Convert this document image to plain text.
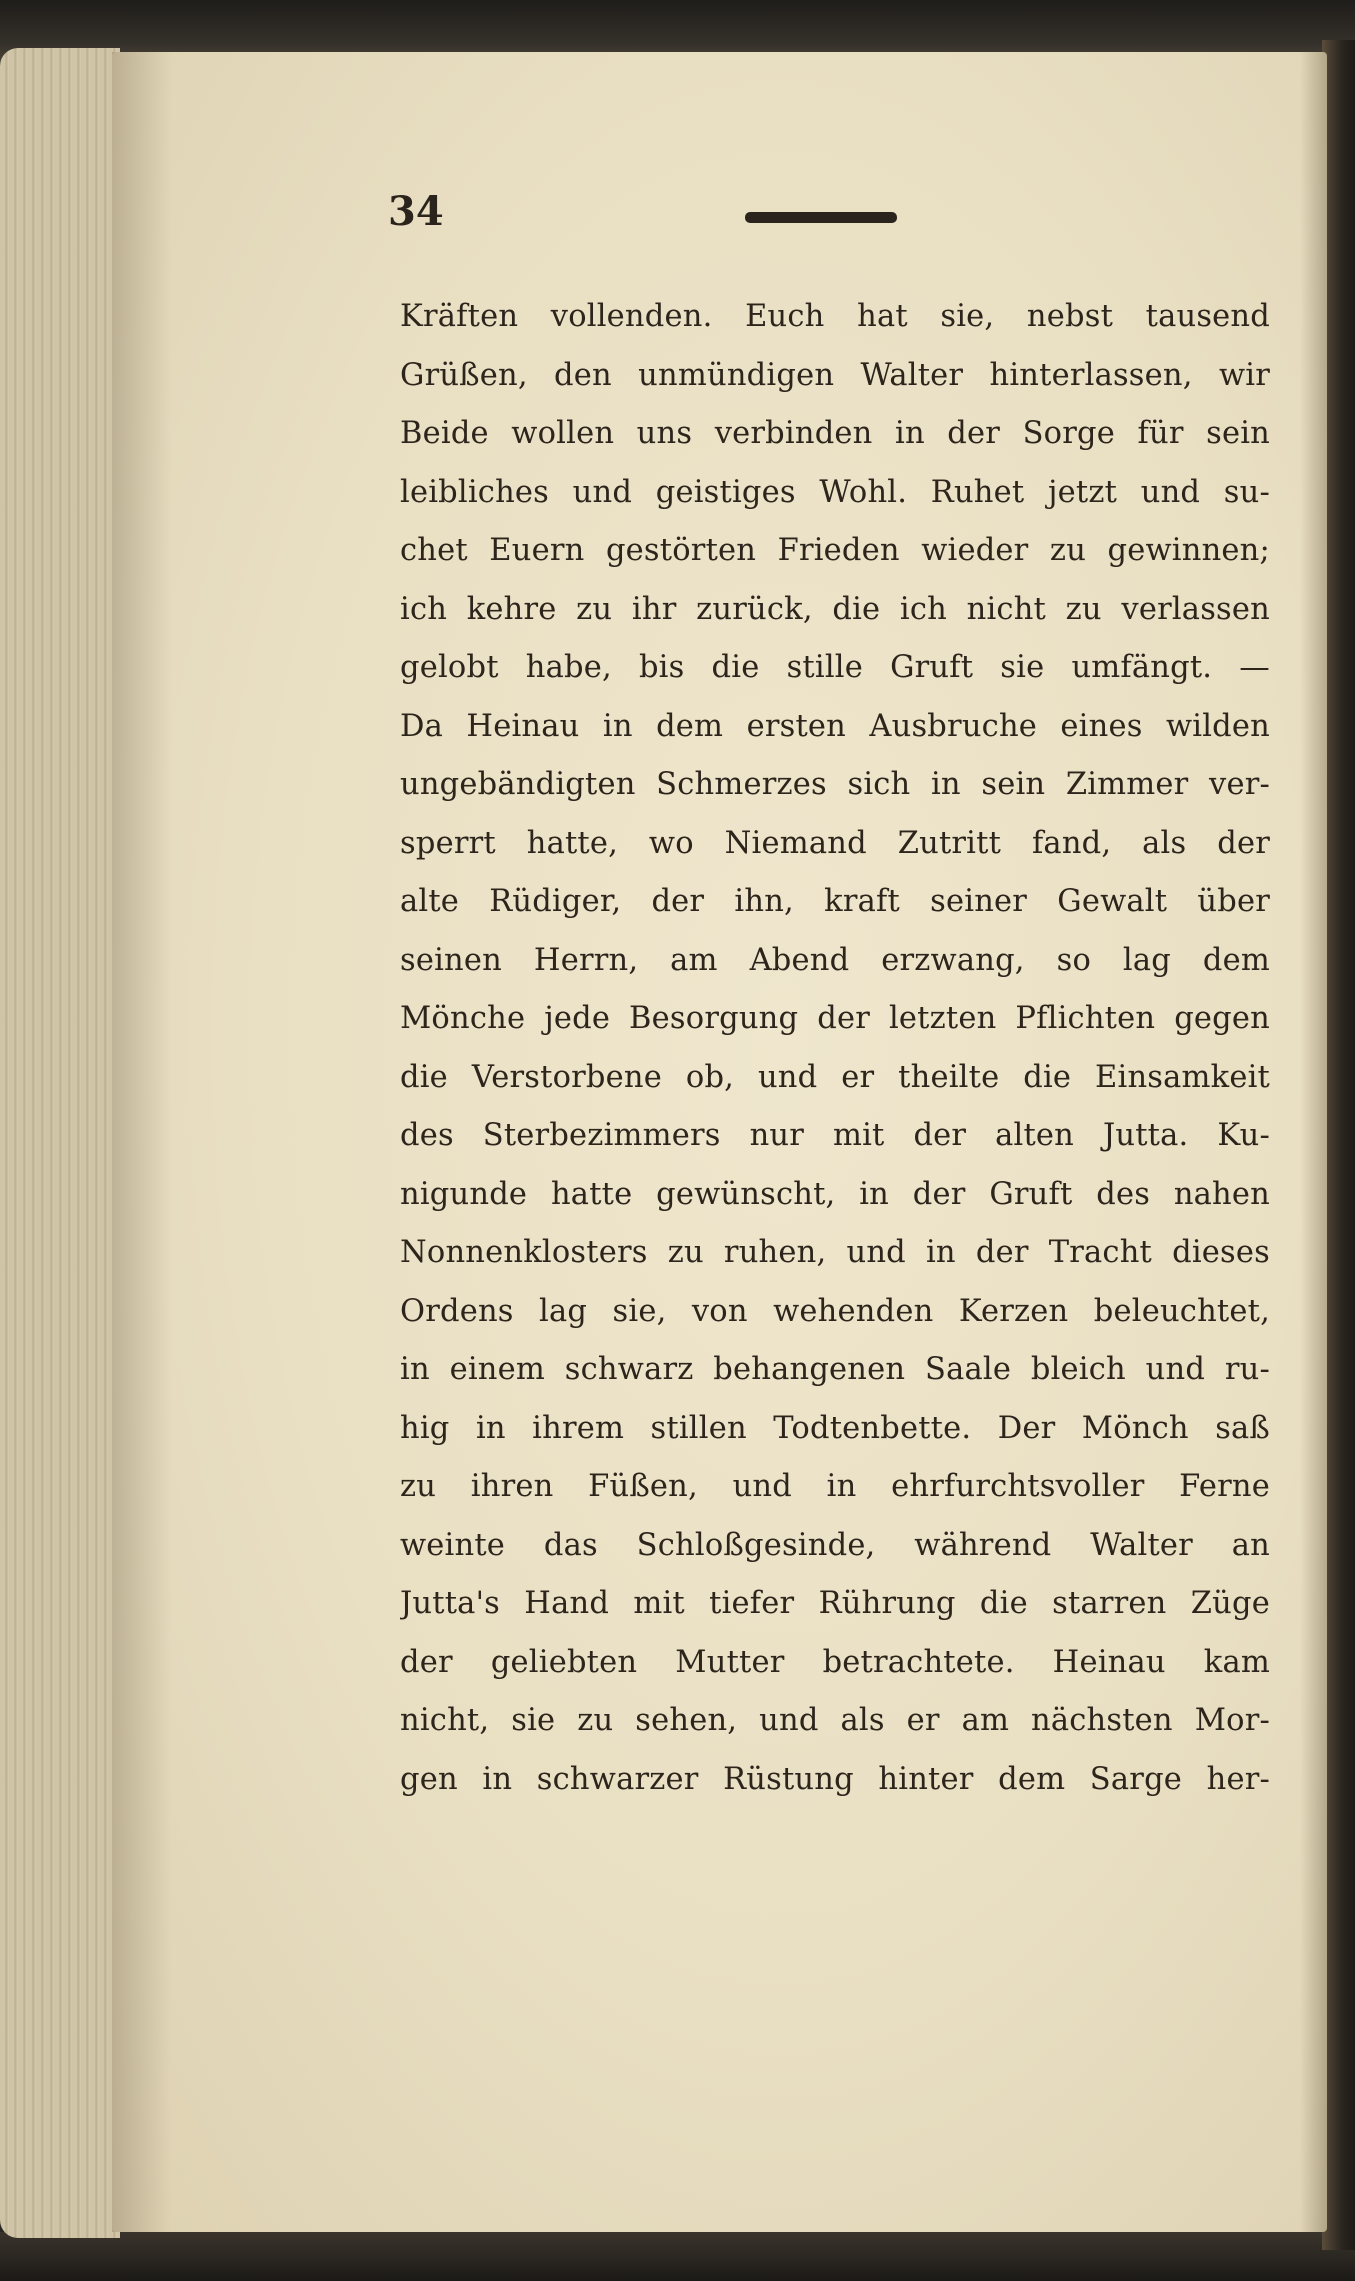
34
Kräften vollenden. Euch hat sie, nebst tausend
Grüßen, den unmündigen Walter hinterlassen, wir
Beide wollen uns verbinden in der Sorge für sein
leibliches und geistiges Wohl. Ruhet jetzt und su-
chet Euern gestörten Frieden wieder zu gewinnen;
ich kehre zu ihr zurück, die ich nicht zu verlassen
gelobt habe, bis die stille Gruft sie umfängt. —
Da Heinau in dem ersten Ausbruche eines wilden
ungebändigten Schmerzes sich in sein Zimmer ver-
sperrt hatte, wo Niemand Zutritt fand, als der
alte Rüdiger, der ihn, kraft seiner Gewalt über
seinen Herrn, am Abend erzwang, so lag dem
Mönche jede Besorgung der letzten Pflichten gegen
die Verstorbene ob, und er theilte die Einsamkeit
des Sterbezimmers nur mit der alten Jutta. Ku-
nigunde hatte gewünscht, in der Gruft des nahen
Nonnenklosters zu ruhen, und in der Tracht dieses
Ordens lag sie, von wehenden Kerzen beleuchtet,
in einem schwarz behangenen Saale bleich und ru-
hig in ihrem stillen Todtenbette. Der Mönch saß
zu ihren Füßen, und in ehrfurchtsvoller Ferne
weinte das Schloßgesinde, während Walter an
Jutta's Hand mit tiefer Rührung die starren Züge
der geliebten Mutter betrachtete. Heinau kam
nicht, sie zu sehen, und als er am nächsten Mor-
gen in schwarzer Rüstung hinter dem Sarge her-
